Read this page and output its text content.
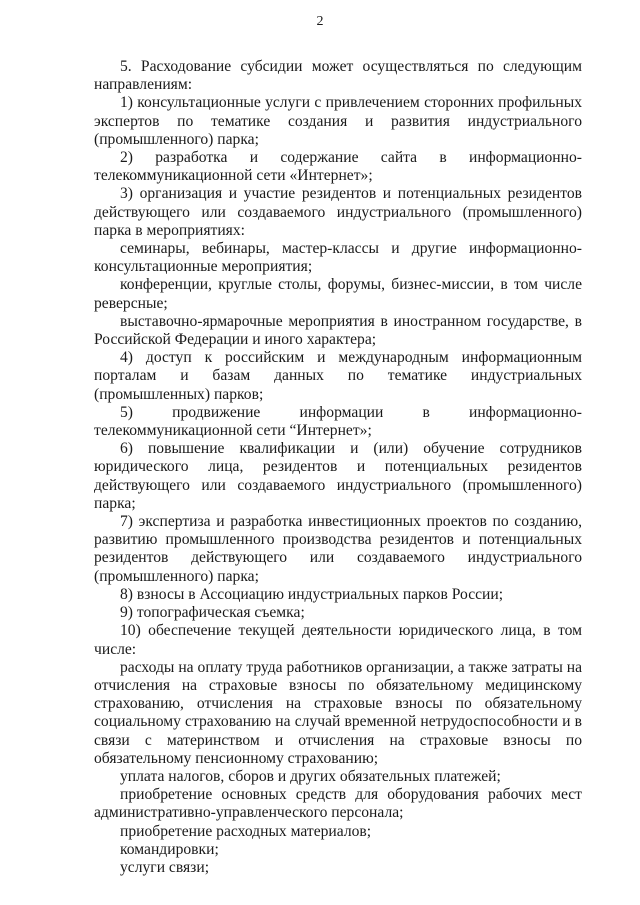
2

5. Расходование субсидии может осуществляться по следующим направлениям:

1) консультационные услуги с привлечением сторонних профильных экспертов по тематике создания и развития индустриального (промышленного) парка;

2) разработка и содержание сайта в информационно-телекоммуникационной сети «Интернет»;

3) организация и участие резидентов и потенциальных резидентов действующего или создаваемого индустриального (промышленного) парка в мероприятиях:

семинары, вебинары, мастер-классы и другие информационно-консультационные мероприятия;

конференции, круглые столы, форумы, бизнес-миссии, в том числе реверсные;

выставочно-ярмарочные мероприятия в иностранном государстве, в Российской Федерации и иного характера;

4) доступ к российским и международным информационным порталам и базам данных по тематике индустриальных (промышленных) парков;

5) продвижение информации в информационно-телекоммуникационной сети “Интернет»;

6) повышение квалификации и (или) обучение сотрудников юридического лица, резидентов и потенциальных резидентов действующего или создаваемого индустриального (промышленного) парка;

7) экспертиза и разработка инвестиционных проектов по созданию, развитию промышленного производства резидентов и потенциальных резидентов действующего или создаваемого индустриального (промышленного) парка;

8) взносы в Ассоциацию индустриальных парков России;

9) топографическая съемка;

10) обеспечение текущей деятельности юридического лица, в том числе:

расходы на оплату труда работников организации, а также затраты на отчисления на страховые взносы по обязательному медицинскому страхованию, отчисления на страховые взносы по обязательному социальному страхованию на случай временной нетрудоспособности и в связи с материнством и отчисления на страховые взносы по обязательному пенсионному страхованию;

уплата налогов, сборов и других обязательных платежей;

приобретение основных средств для оборудования рабочих мест административно-управленческого персонала;

приобретение расходных материалов;

командировки;

услуги связи;
